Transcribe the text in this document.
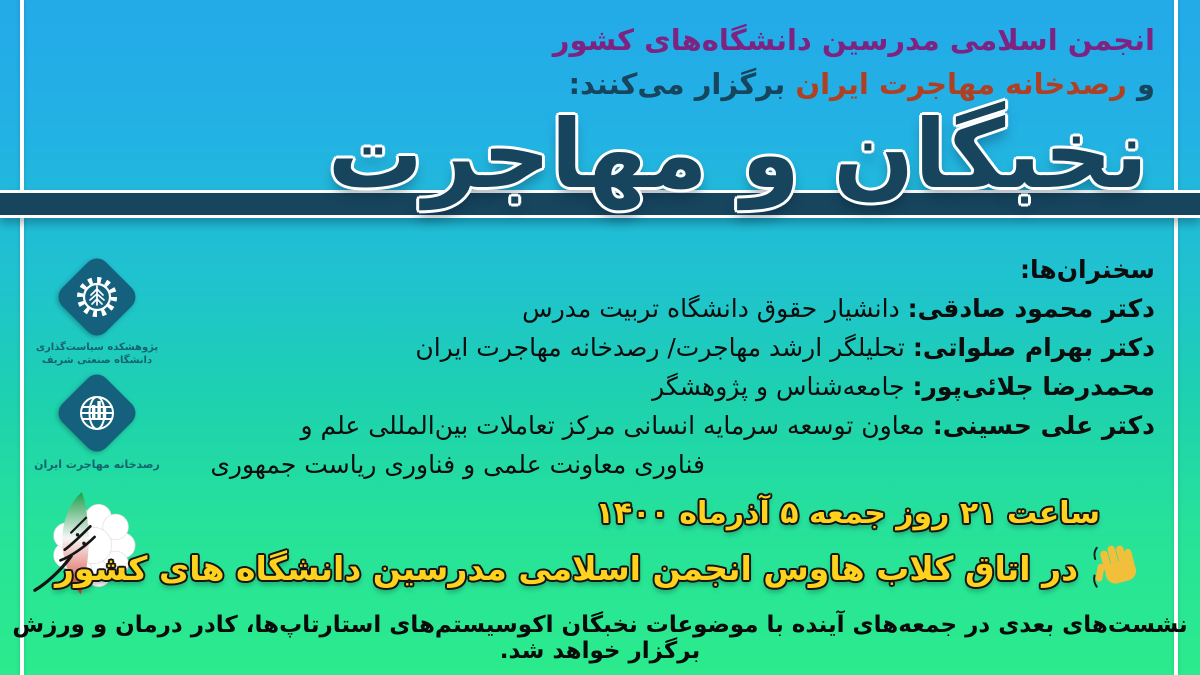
انجمن اسلامی مدرسین دانشگاه‌های کشور
و رصدخانه مهاجرت ایران برگزار می‌کنند:
نخبگان و مهاجرت
سخنران‌ها:
دکتر محمود صادقی: دانشیار حقوق دانشگاه تربیت مدرس
دکتر بهرام صلواتی: تحلیلگر ارشد مهاجرت/ رصدخانه مهاجرت ایران
محمدرضا جلائی‌پور: جامعه‌شناس و پژوهشگر
دکتر علی حسینی: معاون توسعه سرمایه انسانی مرکز تعاملات بین‌المللی علم و
فناوری معاونت علمی و فناوری ریاست جمهوری
پژوهشکده سیاست‌گذاری
دانشگاه صنعتی شریف
رصدخانه مهاجرت ایران
ساعت ۲۱ روز جمعه ۵ آذرماه ۱۴۰۰
در اتاق کلاب هاوس انجمن اسلامی مدرسین دانشگاه های کشور
نشست‌های بعدی در جمعه‌های آینده با موضوعات نخبگان اکوسیستم‌های استارتاپ‌ها، کادر درمان و ورزش برگزار خواهد شد.
